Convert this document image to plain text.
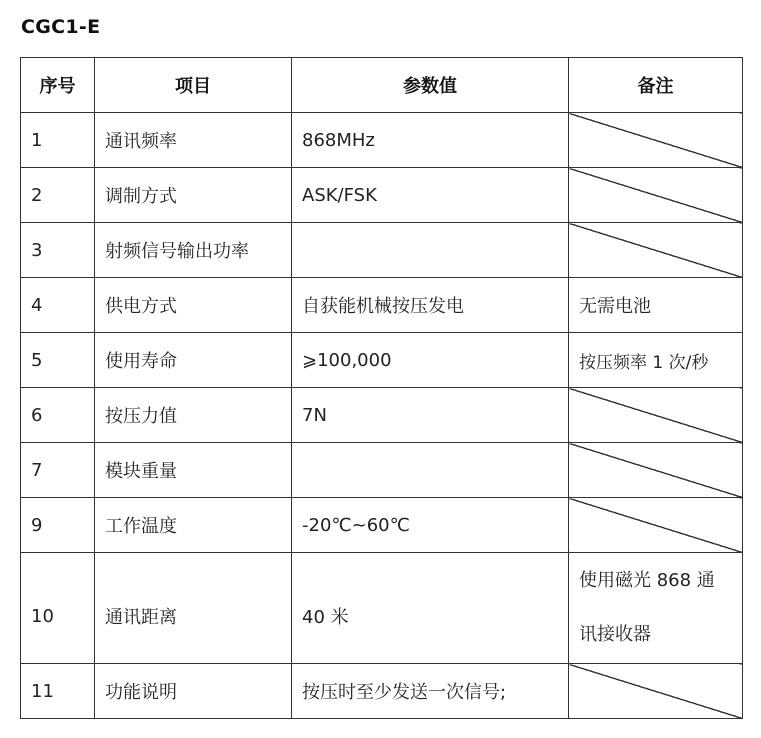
CGC1-E
序号	项目	参数值	备注
1	通讯频率	868MHz	
2	调制方式	ASK/FSK	
3	射频信号输出功率		
4	供电方式	自获能机械按压发电	无需电池
5	使用寿命	⩾100,000	按压频率 1 次/秒
6	按压力值	7N	
7	模块重量		
9	工作温度	-20℃~60℃	

10	通讯距离	40 米	使用磁光 868 通讯接收器
11	功能说明	按压时至少发送一次信号;	
